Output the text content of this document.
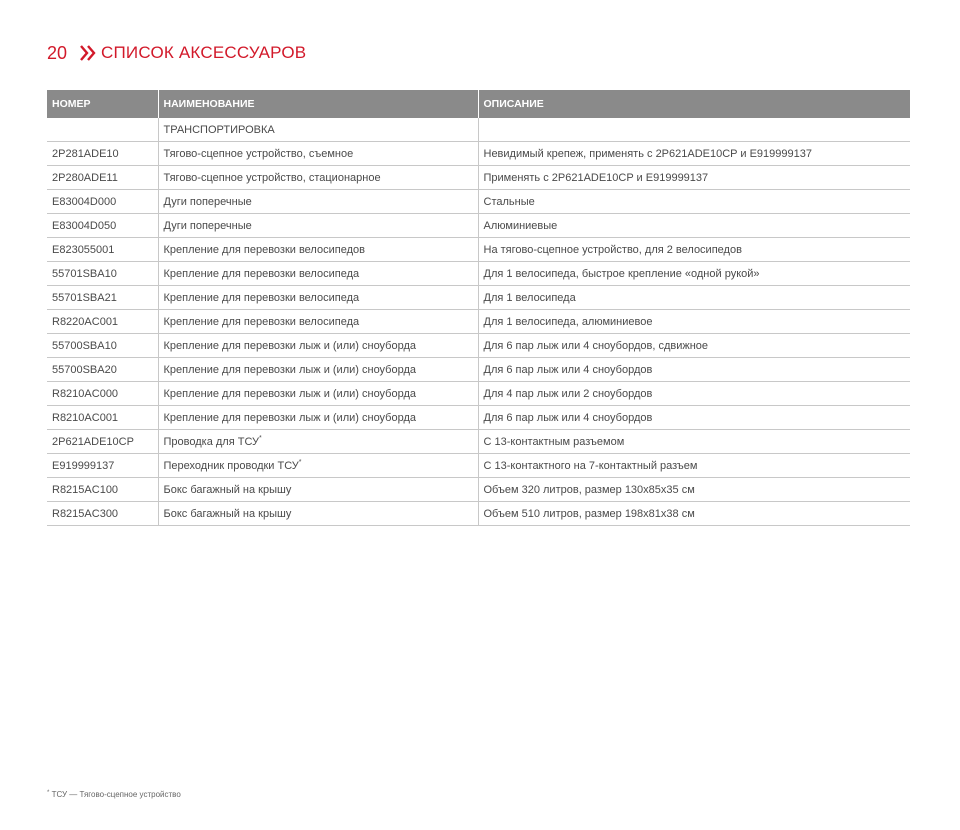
20 СПИСОК АКСЕССУАРОВ
НОМЕР	НАИМЕНОВАНИЕ	ОПИСАНИЕ
	ТРАНСПОРТИРОВКА	
2P281ADE10	Тягово-сцепное устройство, съемное	Невидимый крепеж, применять с 2P621ADE10CP и E919999137
2P280ADE11	Тягово-сцепное устройство, стационарное	Применять с 2P621ADE10CP и E919999137
E83004D000	Дуги поперечные	Стальные
E83004D050	Дуги поперечные	Алюминиевые
E823055001	Крепление для перевозки велосипедов	На тягово-сцепное устройство, для 2 велосипедов
55701SBA10	Крепление для перевозки велосипеда	Для 1 велосипеда, быстрое крепление «одной рукой»
55701SBA21	Крепление для перевозки велосипеда	Для 1 велосипеда
R8220AC001	Крепление для перевозки велосипеда	Для 1 велосипеда, алюминиевое
55700SBA10	Крепление для перевозки лыж и (или) сноуборда	Для 6 пар лыж или 4 сноубордов, сдвижное
55700SBA20	Крепление для перевозки лыж и (или) сноуборда	Для 6 пар лыж или 4 сноубордов
R8210AC000	Крепление для перевозки лыж и (или) сноуборда	Для 4 пар лыж или 2 сноубордов
R8210AC001	Крепление для перевозки лыж и (или) сноуборда	Для 6 пар лыж или 4 сноубордов
2P621ADE10CP	Проводка для ТСУ*	С 13-контактным разъемом
E919999137	Переходник проводки ТСУ*	С 13-контактного на 7-контактный разъем
R8215AC100	Бокс багажный на крышу	Объем 320 литров, размер 130x85x35 см
R8215AC300	Бокс багажный на крышу	Объем 510 литров, размер 198x81x38 см
* ТСУ — Тягово-сцепное устройство
